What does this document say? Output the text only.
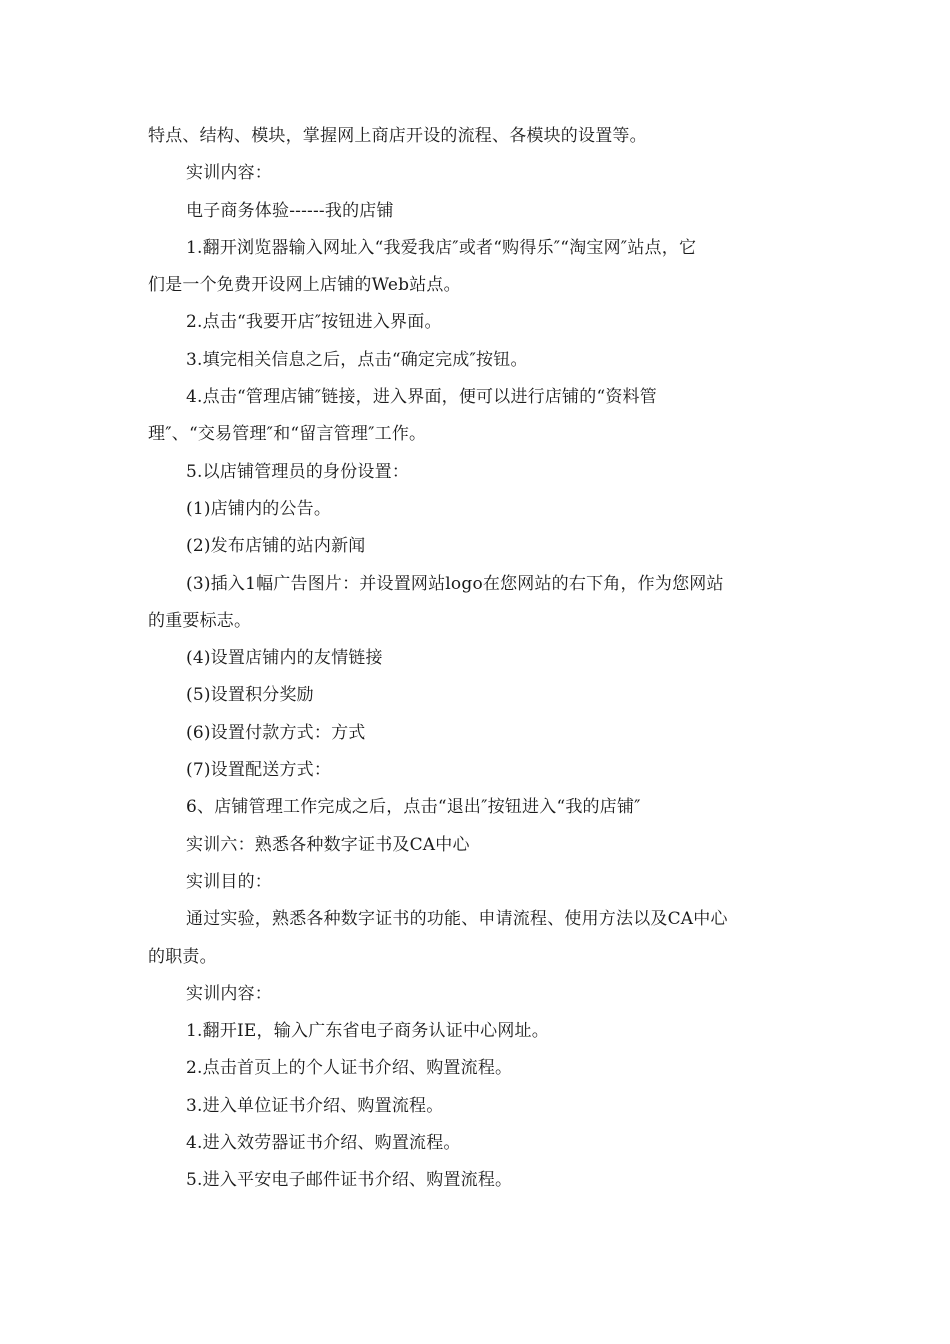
特点、结构、模块，掌握网上商店开设的流程、各模块的设置等。
实训内容：
电子商务体验------我的店铺
1.翻开浏览器输入网址入“我爱我店″或者“购得乐″“淘宝网″站点，它
们是一个免费开设网上店铺的Web站点。
2.点击“我要开店″按钮进入界面。
3.填完相关信息之后，点击“确定完成″按钮。
4.点击“管理店铺″链接，进入界面，便可以进行店铺的“资料管
理″、“交易管理″和“留言管理″工作。
5.以店铺管理员的身份设置：
(1)店铺内的公告。
(2)发布店铺的站内新闻
(3)插入1幅广告图片：并设置网站logo在您网站的右下角，作为您网站
的重要标志。
(4)设置店铺内的友情链接
(5)设置积分奖励
(6)设置付款方式：方式
(7)设置配送方式：
6、店铺管理工作完成之后，点击“退出″按钮进入“我的店铺″
实训六：熟悉各种数字证书及CA中心
实训目的：
通过实验，熟悉各种数字证书的功能、申请流程、使用方法以及CA中心
的职责。
实训内容：
1.翻开IE，输入广东省电子商务认证中心网址。
2.点击首页上的个人证书介绍、购置流程。
3.进入单位证书介绍、购置流程。
4.进入效劳器证书介绍、购置流程。
5.进入平安电子邮件证书介绍、购置流程。
